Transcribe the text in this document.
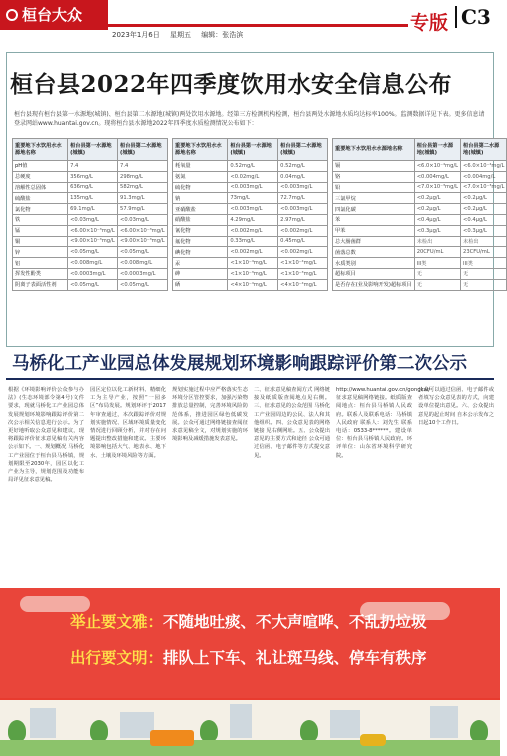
桓台大众
2023年1月6日 星期五 编辑：张浩滨
专版 C3
桓台县2022年四季度饮用水安全信息公布

桓台县现有桓台县第一水源地(城镇)、桓台县第二水源地(城镇)两处饮用水源地。经第三方检测机构检测，桓台县两处水源地水质均达标率100%。监测数据详见下表。更多信息请登录网站www.huantai.gov.cn。现将桓台县水源地2022年四季度水质检测情况公布如下：

重要地下水饮用水水源地名称	桓台县第一水源地(城镇)	桓台县第二水源地(城镇)
pH值	7.4	7.4
总硬度	356mg/L	298mg/L
溶解性总固体	636mg/L	582mg/L
硫酸盐	135mg/L	91.3mg/L
氯化物	69.1mg/L	57.9mg/L
铁	<0.03mg/L	<0.03mg/L
锰	<6.00×10⁻³mg/L	<6.00×10⁻³mg/L
铜	<9.00×10⁻³mg/L	<9.00×10⁻³mg/L
锌	<0.05mg/L	<0.05mg/L
铝	<0.008mg/L	<0.008mg/L
挥发性酚类	<0.0003mg/L	<0.0003mg/L
阴离子表面活性剂	<0.05mg/L	<0.05mg/L
重要地下水饮用水水源地名称	桓台县第一水源地(城镇)	桓台县第二水源地(城镇)
耗氧量	0.52mg/L	0.52mg/L
氨氮	<0.02mg/L	0.04mg/L
硫化物	<0.003mg/L	<0.003mg/L
钠	73mg/L	72.7mg/L
亚硝酸盐	<0.003mg/L	<0.003mg/L
硝酸盐	4.29mg/L	2.97mg/L
氰化物	<0.002mg/L	<0.002mg/L
氟化物	0.33mg/L	0.45mg/L
碘化物	<0.002mg/L	<0.002mg/L
汞	<1×10⁻⁴mg/L	<1×10⁻⁴mg/L
砷	<1×10⁻³mg/L	<1×10⁻³mg/L
硒	<4×10⁻⁴mg/L	<4×10⁻⁴mg/L
重要地下水饮用水水源地名称	桓台县第一水源地(城镇)	桓台县第二水源地(城镇)
镉	<6.0×10⁻⁴mg/L	<6.0×10⁻⁴mg/L
铬	<0.004mg/L	<0.004mg/L
铅	<7.0×10⁻³mg/L	<7.0×10⁻³mg/L
三氯甲烷	<0.2μg/L	<0.2μg/L
四氯化碳	<0.2μg/L	<0.2μg/L
苯	<0.4μg/L	<0.4μg/L
甲苯	<0.3μg/L	<0.3μg/L
总大肠菌群	未检出	未检出
菌落总数	20CFU/mL	23CFU/mL
水质类别	III类	III类
超标项目	无	无
是否存在(业及影响开发)超标项目	无	无
马桥化工产业园总体发展规划环境影响跟踪评价第二次公示

根据《环境影响评价公众参与办法》(生态环境部令第4号)文件要求，现就马桥化工产业园总体发展规划环境影响跟踪评价第二次公示相关信息进行公示。为了更好地听取公众意见和建议，现将跟踪评价征求意见稿有关内容公示如下。一、规划概况 马桥化工产业园位于桓台县马桥镇，规划期限至2030年，园区以化工产业为主导，规划范围及功能布局详见征求意见稿。

园区定位以化工新材料、精细化工为主导产业，按照“一园多区”布局发展。规划环评于2017年审查通过，本次跟踪评价对规划实施情况、区域环境质量变化情况进行回顾分析，并对存在问题提出整改措施和建议。主要环境影响包括大气、地表水、地下水、土壤及环境风险等方面。

规划实施过程中应严格落实生态环境分区管控要求，加强污染物排放总量控制，完善环境风险防范体系，推进园区绿色低碳发展。公众可通过网络链接查阅征求意见稿全文，对规划实施的环境影响及减缓措施发表意见。

二、征求意见稿查阅方式 网络链接及纸质版查阅地点见右侧。三、征求意见的公众范围 马桥化工产业园周边的公民、法人和其他组织。四、公众意见表的网络链接 见右侧网址。五、公众提出意见的主要方式和途径 公众可通过信函、电子邮件等方式提交意见。

http://www.huantai.gov.cn/gongkai/ 征求意见稿网络链接。纸质版查阅地点：桓台县马桥镇人民政府。联系人及联系电话：马桥镇人民政府 联系人：刘先生 联系电话：0533-8******。建设单位：桓台县马桥镇人民政府。环评单位：山东省环境科学研究院。

公众可以通过信函、电子邮件或者填写公众意见表的方式，向建设单位提出意见。六、公众提出意见的起止时间 自本公示发布之日起10个工作日。

举止要文雅：不随地吐痰、不大声喧哗、不乱扔垃圾
出行要文明：排队上下车、礼让斑马线、停车有秩序
